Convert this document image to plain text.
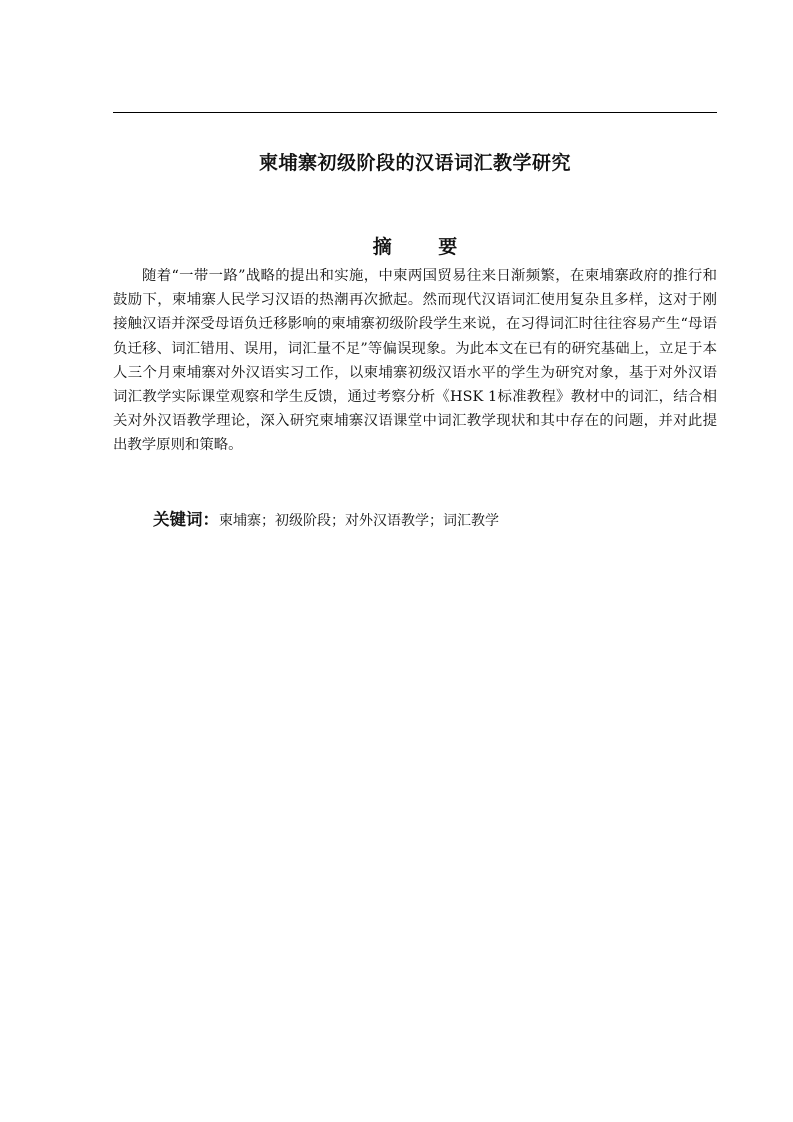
柬埔寨初级阶段的汉语词汇教学研究
摘 要
随着“一带一路”战略的提出和实施，中柬两国贸易往来日渐频繁，在柬埔寨政府的推行和鼓励下，柬埔寨人民学习汉语的热潮再次掀起。然而现代汉语词汇使用复杂且多样，这对于刚接触汉语并深受母语负迁移影响的柬埔寨初级阶段学生来说，在习得词汇时往往容易产生“母语负迁移、词汇错用、误用，词汇量不足”等偏误现象。为此本文在已有的研究基础上，立足于本人三个月柬埔寨对外汉语实习工作，以柬埔寨初级汉语水平的学生为研究对象，基于对外汉语词汇教学实际课堂观察和学生反馈，通过考察分析《HSK 1标准教程》教材中的词汇，结合相关对外汉语教学理论，深入研究柬埔寨汉语课堂中词汇教学现状和其中存在的问题，并对此提出教学原则和策略。
关键词：柬埔寨；初级阶段；对外汉语教学；词汇教学
